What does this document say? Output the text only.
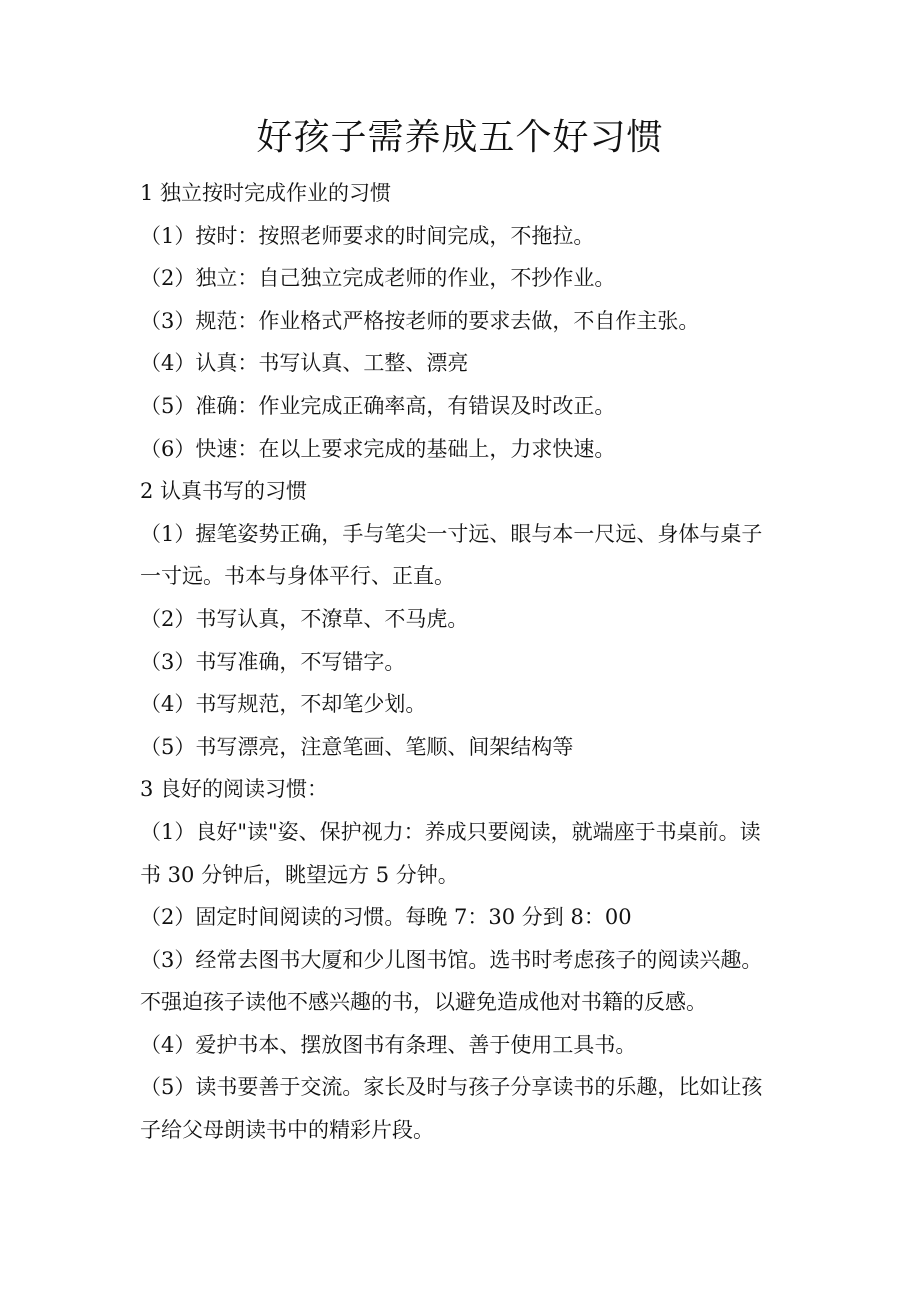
好孩子需养成五个好习惯

1 独立按时完成作业的习惯

（1）按时：按照老师要求的时间完成，不拖拉。

（2）独立：自己独立完成老师的作业，不抄作业。

（3）规范：作业格式严格按老师的要求去做，不自作主张。

（4）认真：书写认真、工整、漂亮

（5）准确：作业完成正确率高，有错误及时改正。

（6）快速：在以上要求完成的基础上，力求快速。

2 认真书写的习惯

（1）握笔姿势正确，手与笔尖一寸远、眼与本一尺远、身体与桌子

一寸远。书本与身体平行、正直。

（2）书写认真，不潦草、不马虎。

（3）书写准确，不写错字。

（4）书写规范，不却笔少划。

（5）书写漂亮，注意笔画、笔顺、间架结构等

3 良好的阅读习惯：

（1）良好"读"姿、保护视力：养成只要阅读，就端座于书桌前。读

书 30 分钟后，眺望远方 5 分钟。

（2）固定时间阅读的习惯。每晚 7：30 分到 8：00

（3）经常去图书大厦和少儿图书馆。选书时考虑孩子的阅读兴趣。

不强迫孩子读他不感兴趣的书，以避免造成他对书籍的反感。

（4）爱护书本、摆放图书有条理、善于使用工具书。

（5）读书要善于交流。家长及时与孩子分享读书的乐趣，比如让孩

子给父母朗读书中的精彩片段。
